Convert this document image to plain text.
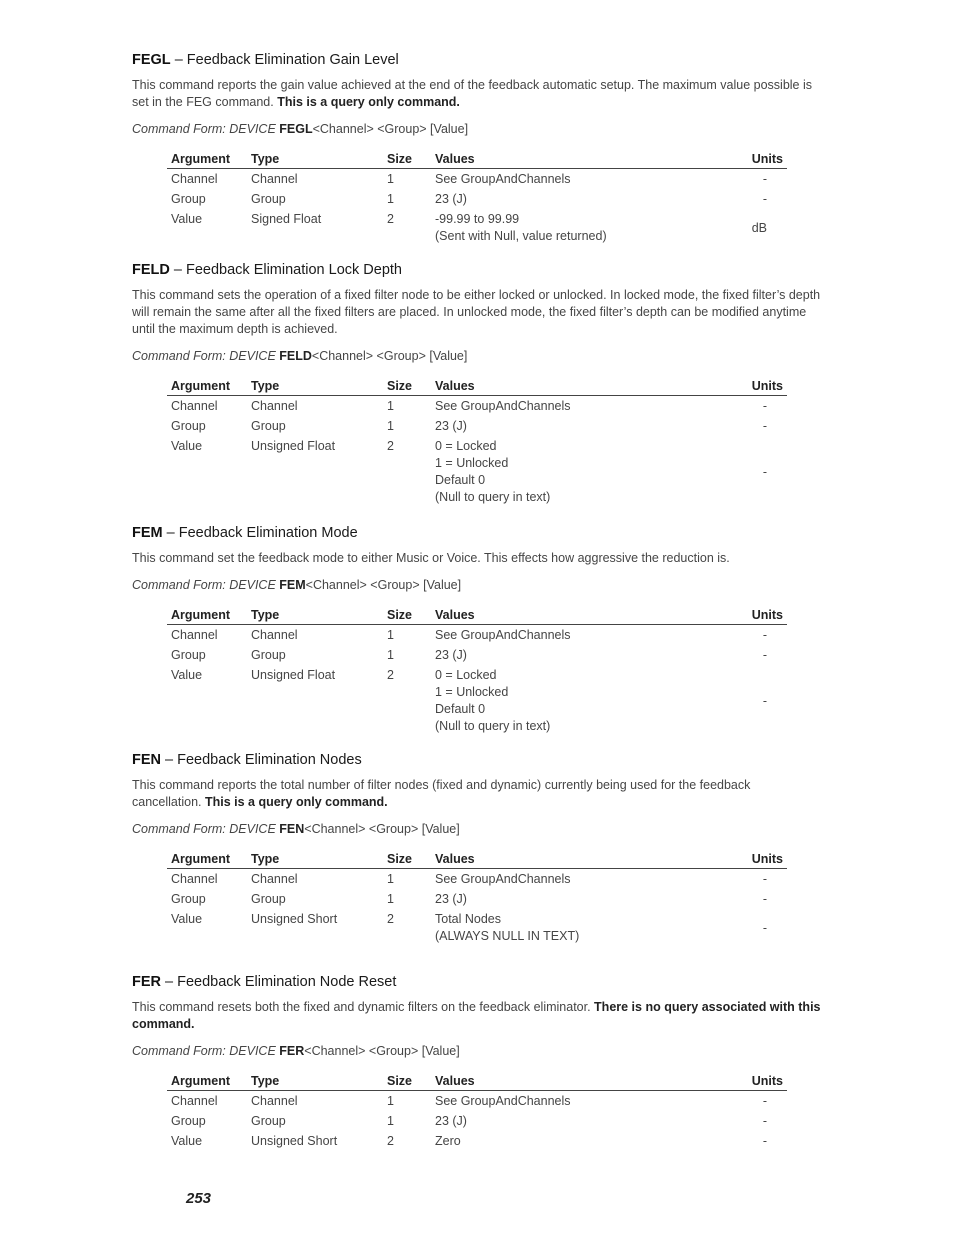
FEGL – Feedback Elimination Gain Level
This command reports the gain value achieved at the end of the feedback automatic setup. The maximum value possible is set in the FEG command. This is a query only command.
Command Form: DEVICE FEGL<Channel> <Group> [Value]
Argument	Type	Size	Values	Units
Channel	Channel	1	See GroupAndChannels	-
Group	Group	1	23 (J)	-
Value	Signed Float	2	-99.99 to 99.99
(Sent with Null, value returned)	dB
FELD – Feedback Elimination Lock Depth
This command sets the operation of a fixed filter node to be either locked or unlocked. In locked mode, the fixed filter’s depth will remain the same after all the fixed filters are placed. In unlocked mode, the fixed filter’s depth can be modified anytime until the maximum depth is achieved.
Command Form: DEVICE FELD<Channel> <Group> [Value]
Argument	Type	Size	Values	Units
Channel	Channel	1	See GroupAndChannels	-
Group	Group	1	23 (J)	-
Value	Unsigned Float	2	0 = Locked
1 = Unlocked
Default 0
(Null to query in text)	-
FEM – Feedback Elimination Mode
This command set the feedback mode to either Music or Voice. This effects how aggressive the reduction is.
Command Form: DEVICE FEM<Channel> <Group> [Value]
Argument	Type	Size	Values	Units
Channel	Channel	1	See GroupAndChannels	-
Group	Group	1	23 (J)	-
Value	Unsigned Float	2	0 = Locked
1 = Unlocked
Default 0
(Null to query in text)	-
FEN – Feedback Elimination Nodes
This command reports the total number of filter nodes (fixed and dynamic) currently being used for the feedback cancellation. This is a query only command.
Command Form: DEVICE FEN<Channel> <Group> [Value]
Argument	Type	Size	Values	Units
Channel	Channel	1	See GroupAndChannels	-
Group	Group	1	23 (J)	-
Value	Unsigned Short	2	Total Nodes
(ALWAYS NULL IN TEXT)	-
FER – Feedback Elimination Node Reset
This command resets both the fixed and dynamic filters on the feedback eliminator. There is no query associated with this command.
Command Form: DEVICE FER<Channel> <Group> [Value]
Argument	Type	Size	Values	Units
Channel	Channel	1	See GroupAndChannels	-
Group	Group	1	23 (J)	-
Value	Unsigned Short	2	Zero	-
253
